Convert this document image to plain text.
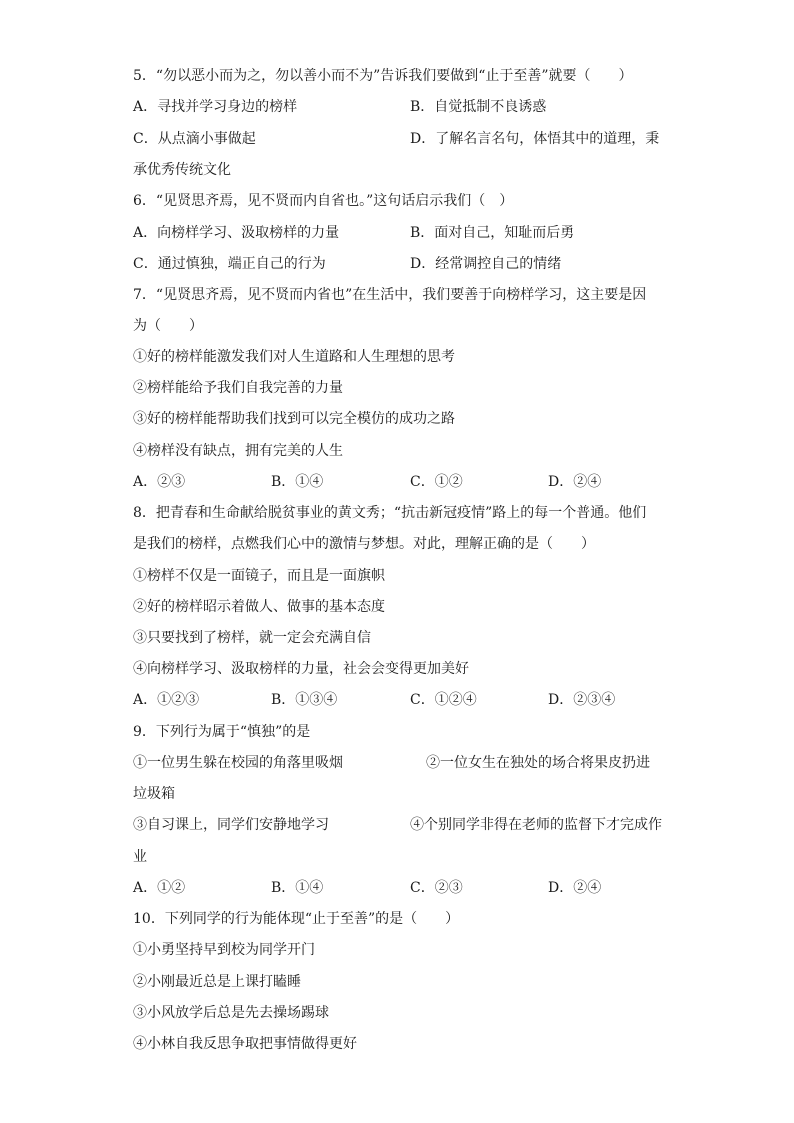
5．“勿以恶小而为之，勿以善小而不为”告诉我们要做到“止于至善”就要（　　）
A．寻找并学习身边的榜样	B．自觉抵制不良诱惑
C．从点滴小事做起	D．了解名言名句，体悟其中的道理，秉
承优秀传统文化
6．“见贤思齐焉，见不贤而内自省也。”这句话启示我们（　）
A．向榜样学习、汲取榜样的力量	B．面对自己，知耻而后勇
C．通过慎独，端正自己的行为	D．经常调控自己的情绪
7．“见贤思齐焉，见不贤而内省也”在生活中，我们要善于向榜样学习，这主要是因
为（　　）
①好的榜样能激发我们对人生道路和人生理想的思考
②榜样能给予我们自我完善的力量
③好的榜样能帮助我们找到可以完全模仿的成功之路
④榜样没有缺点，拥有完美的人生
A．②③	B．①④	C．①②	D．②④
8．把青春和生命献给脱贫事业的黄文秀；“抗击新冠疫情”路上的每一个普通。他们
是我们的榜样，点燃我们心中的激情与梦想。对此，理解正确的是（　　）
①榜样不仅是一面镜子，而且是一面旗帜
②好的榜样昭示着做人、做事的基本态度
③只要找到了榜样，就一定会充满自信
④向榜样学习、汲取榜样的力量，社会会变得更加美好
A．①②③	B．①③④	C．①②④	D．②③④
9．下列行为属于“慎独”的是
①一位男生躲在校园的角落里吸烟	②一位女生在独处的场合将果皮扔进
垃圾箱
③自习课上，同学们安静地学习	④个别同学非得在老师的监督下才完成作
业
A．①②	B．①④	C．②③	D．②④
10．下列同学的行为能体现“止于至善”的是（　　）
①小勇坚持早到校为同学开门
②小刚最近总是上课打瞌睡
③小风放学后总是先去操场踢球
④小林自我反思争取把事情做得更好
